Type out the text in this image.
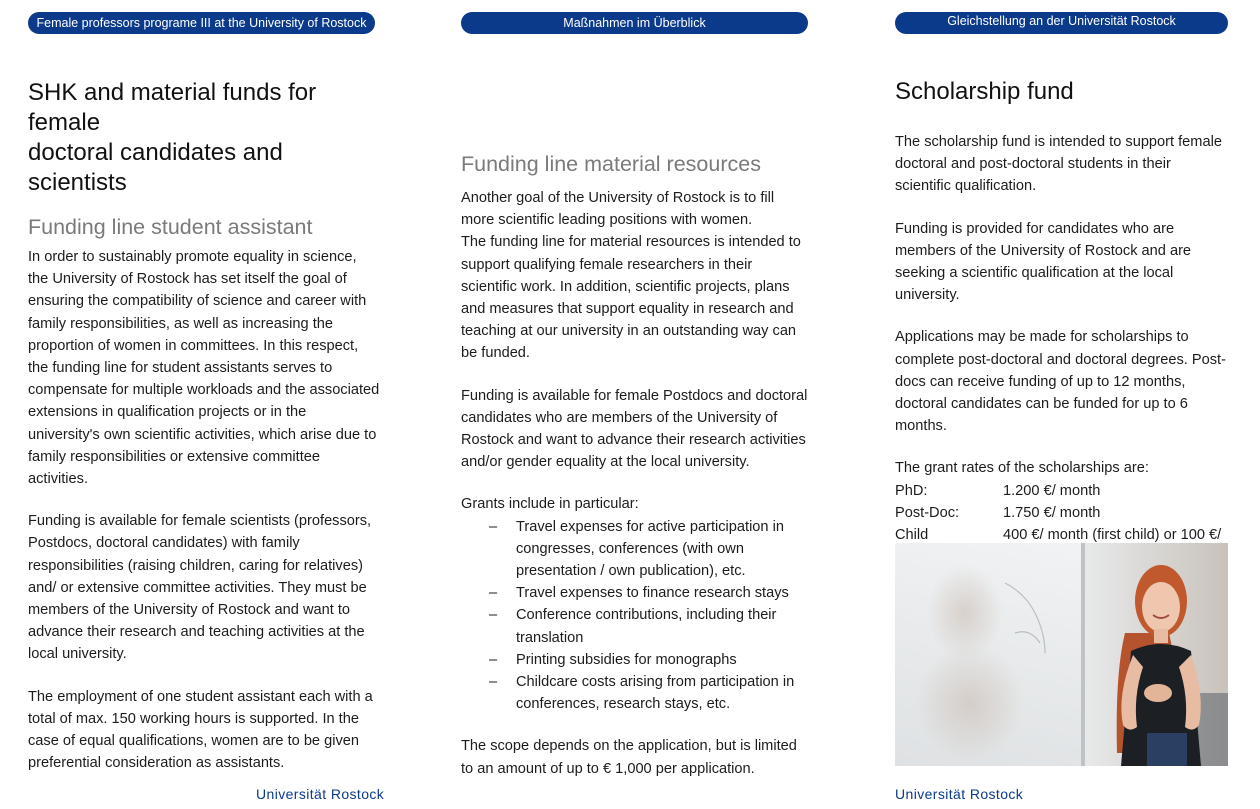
Female professors programe III at the University of Rostock	Maßnahmen im Überblick	Gleichstellung an der Universität Rostock
SHK and material funds for female
doctoral candidates and scientists
Funding line student assistant

In order to sustainably promote equality in science, the University of Rostock has set itself the goal of ensuring the compatibility of science and career with family responsibilities, as well as increasing the proportion of women in committees. In this respect, the funding line for student assistants serves to compensate for multiple workloads and the associated extensions in qualification projects or in the university's own scientific activities, which arise due to family responsibilities or extensive committee activities.

Funding is available for female scientists (professors, Postdocs, doctoral candidates) with family responsibilities (raising children, caring for relatives) and/ or extensive committee activities. They must be members of the University of Rostock and want to advance their research and teaching activities at the local university.

The employment of one student assistant each with a total of max. 150 working hours is supported. In the case of equal qualifications, women are to be given preferential consideration as assistants.

Funding line material resources

Another goal of the University of Rostock is to fill more scientific leading positions with women.

The funding line for material resources is intended to support qualifying female researchers in their scientific work. In addition, scientific projects, plans and measures that support equality in research and teaching at our university in an outstanding way can be funded.

Funding is available for female Postdocs and doctoral candidates who are members of the University of Rostock and want to advance their research activities and/or gender equality at the local university.

Grants include in particular:

– Travel expenses for active participation in congresses, conferences (with own presentation / own publication), etc.
– Travel expenses to finance research stays
– Conference contributions, including their translation
– Printing subsidies for monographs
– Childcare costs arising from participation in conferences, research stays, etc.

The scope depends on the application, but is limited to an amount of up to € 1,000 per application.

Scholarship fund

The scholarship fund is intended to support female doctoral and post-doctoral students in their scientific qualification.

Funding is provided for candidates who are members of the University of Rostock and are seeking a scientific qualification at the local university.

Applications may be made for scholarships to complete post-doctoral and doctoral degrees. Post-docs can receive funding of up to 12 months, doctoral candidates can be funded for up to 6 months.

The grant rates of the scholarships are:

PhD:	1.200 €/ month
Post-Doc:	1.750 €/ month
Child	400 €/ month (first child) or 100 €/
Universität Rostock	Universität Rostock
